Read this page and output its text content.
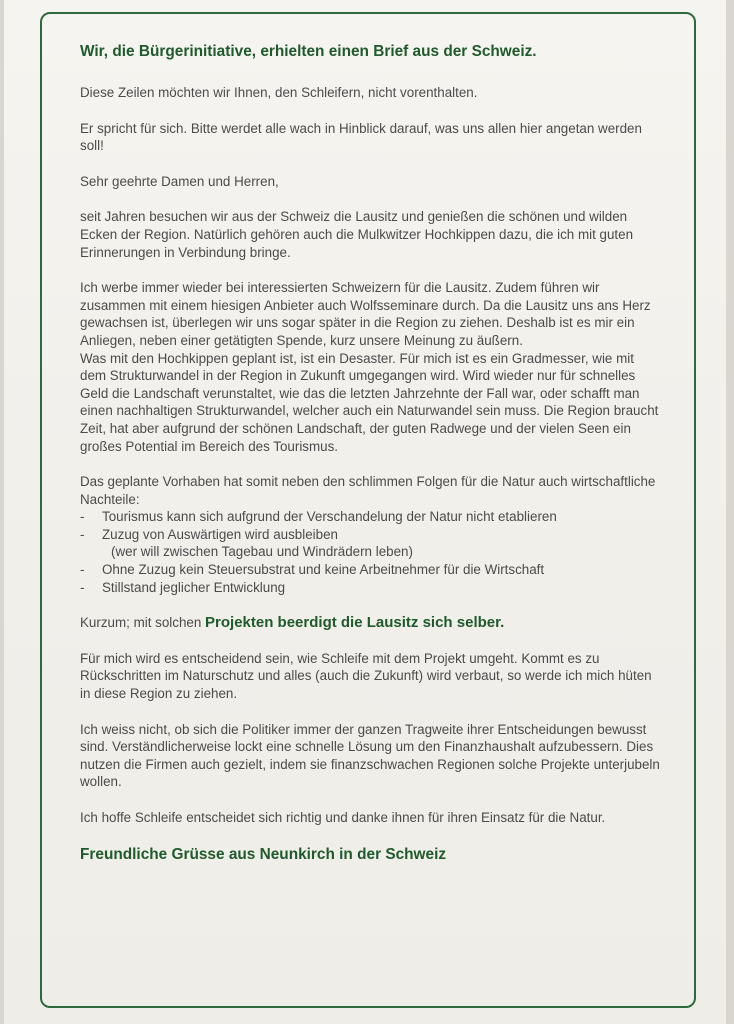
Wir, die Bürgerinitiative, erhielten einen Brief aus der Schweiz.

Diese Zeilen möchten wir Ihnen, den Schleifern, nicht vorenthalten.

Er spricht für sich. Bitte werdet alle wach in Hinblick darauf, was uns allen hier angetan werden soll!

Sehr geehrte Damen und Herren,

seit Jahren besuchen wir aus der Schweiz die Lausitz und genießen die schönen und wilden Ecken der Region. Natürlich gehören auch die Mulkwitzer Hochkippen dazu, die ich mit guten Erinnerungen in Verbindung bringe.

Ich werbe immer wieder bei interessierten Schweizern für die Lausitz. Zudem führen wir zusammen mit einem hiesigen Anbieter auch Wolfsseminare durch. Da die Lausitz uns ans Herz gewachsen ist, überlegen wir uns sogar später in die Region zu ziehen. Deshalb ist es mir ein Anliegen, neben einer getätigten Spende, kurz unsere Meinung zu äußern.

Was mit den Hochkippen geplant ist, ist ein Desaster. Für mich ist es ein Gradmesser, wie mit dem Strukturwandel in der Region in Zukunft umgegangen wird. Wird wieder nur für schnelles Geld die Landschaft verunstaltet, wie das die letzten Jahrzehnte der Fall war, oder schafft man einen nachhaltigen Strukturwandel, welcher auch ein Naturwandel sein muss. Die Region braucht Zeit, hat aber aufgrund der schönen Landschaft, der guten Radwege und der vielen Seen ein großes Potential im Bereich des Tourismus.

Das geplante Vorhaben hat somit neben den schlimmen Folgen für die Natur auch wirtschaftliche Nachteile:

- Tourismus kann sich aufgrund der Verschandelung der Natur nicht etablieren
- Zuzug von Auswärtigen wird ausbleiben
(wer will zwischen Tagebau und Windrädern leben)
- Ohne Zuzug kein Steuersubstrat und keine Arbeitnehmer für die Wirtschaft
- Stillstand jeglicher Entwicklung

Kurzum; mit solchen Projekten beerdigt die Lausitz sich selber.

Für mich wird es entscheidend sein, wie Schleife mit dem Projekt umgeht. Kommt es zu Rückschritten im Naturschutz und alles (auch die Zukunft) wird verbaut, so werde ich mich hüten in diese Region zu ziehen.

Ich weiss nicht, ob sich die Politiker immer der ganzen Tragweite ihrer Entscheidungen bewusst sind. Verständlicherweise lockt eine schnelle Lösung um den Finanzhaushalt aufzubessern. Dies nutzen die Firmen auch gezielt, indem sie finanzschwachen Regionen solche Projekte unterjubeln wollen.

Ich hoffe Schleife entscheidet sich richtig und danke ihnen für ihren Einsatz für die Natur.

Freundliche Grüsse aus Neunkirch in der Schweiz
